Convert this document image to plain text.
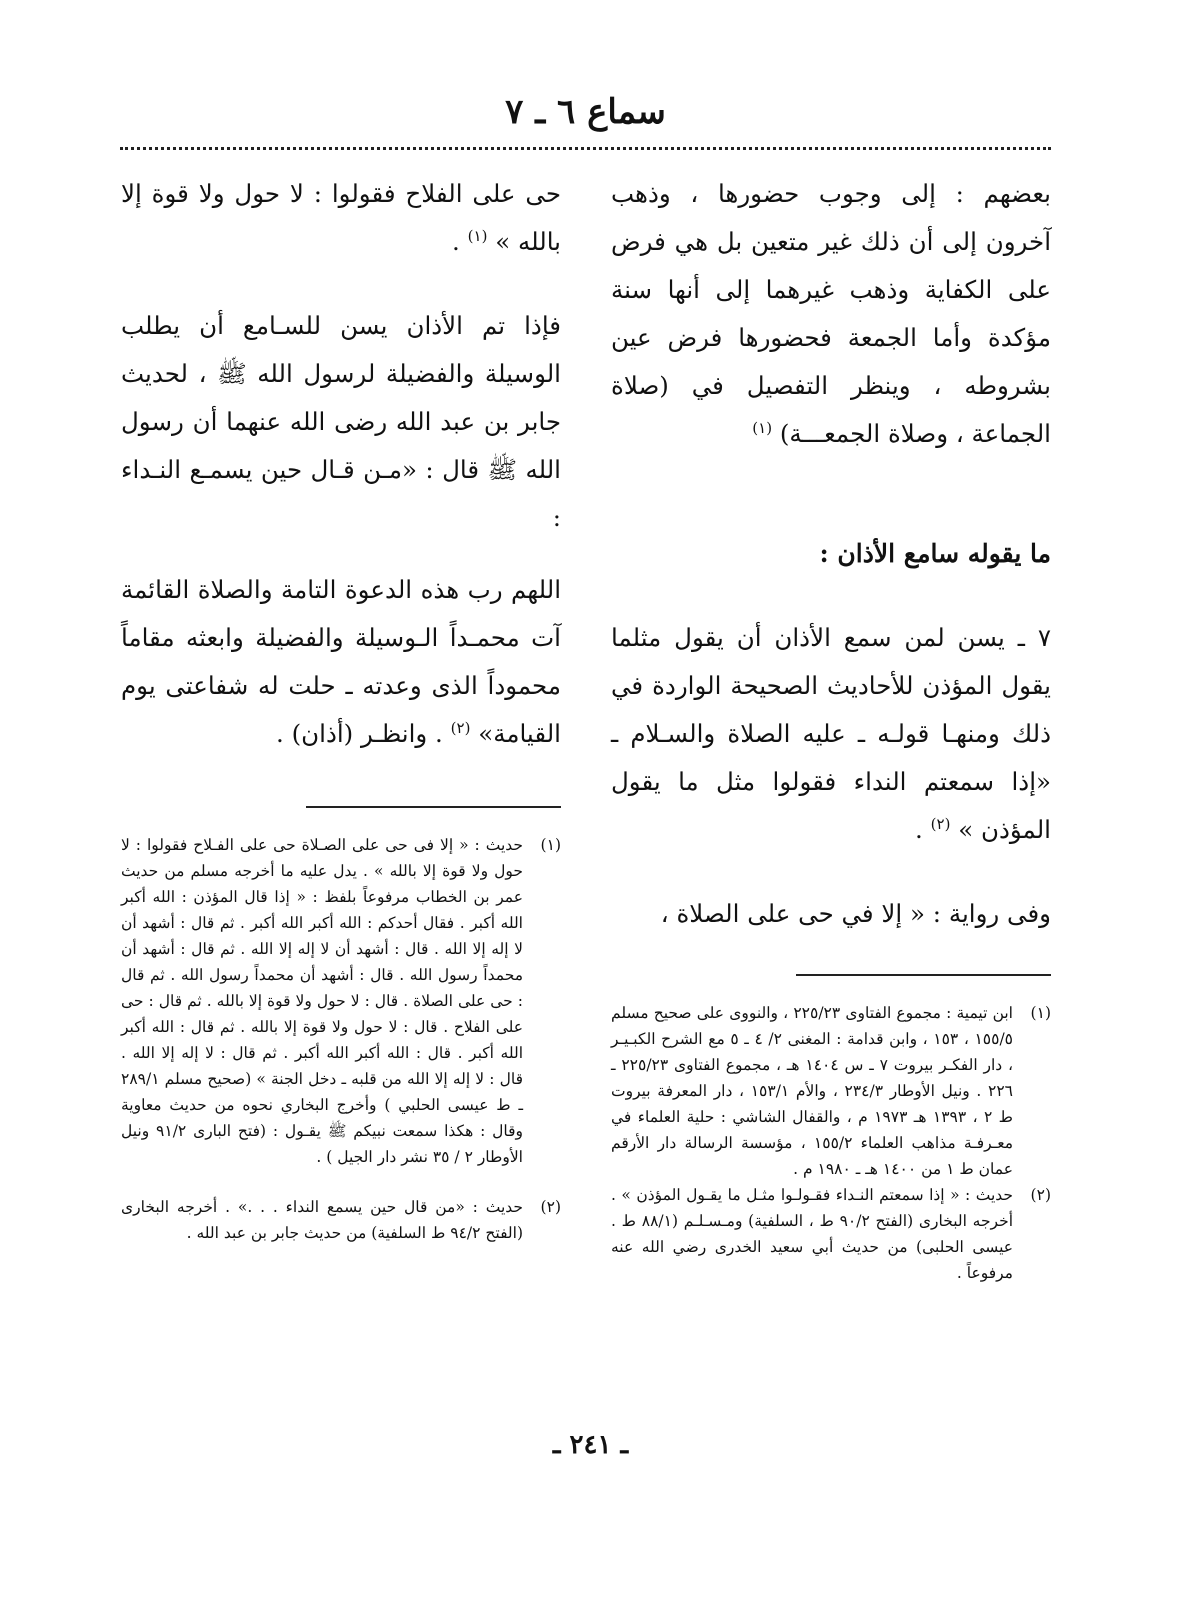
سماع ٦ ـ ٧

بعضهم : إلى وجوب حضورها ، وذهب آخرون إلى أن ذلك غير متعين بل هي فرض على الكفاية وذهب غيرهما إلى أنها سنة مؤكدة وأما الجمعة فحضورها فرض عين بشروطه ، وينظر التفصيل في (صلاة الجماعة ، وصلاة الجمعـــة) $^{(١)}$

ما يقوله سامع الأذان :

٧ ـ يسن لمن سمع الأذان أن يقول مثلما يقول المؤذن للأحاديث الصحيحة الواردة في ذلك ومنهـا قولـه ـ عليه الصلاة والسـلام ـ «إذا سمعتم النداء فقولوا مثل ما يقول المؤذن » $^{(٢)}$ .

وفى رواية : « إلا في حى على الصلاة ،

(١)
ابن تيمية : مجموع الفتاوى ٢٢٥/٢٣ ، والنووى على صحيح مسلم ١٥٥/٥ ، ١٥٣ ، وابن قدامة : المغنى ٢/ ٤ ـ ٥ مع الشرح الكبـيـر ، دار الفكـر بيروت ٧ ـ س ١٤٠٤ هـ ، مجموع الفتاوى ٢٢٥/٢٣ ـ ٢٢٦ . ونيل الأوطار ٢٣٤/٣ ، والأم ١٥٣/١ ، دار المعرفة بيروت ط ٢ ، ١٣٩٣ هـ ١٩٧٣ م ، والقفال الشاشي : حلية العلماء في معـرفـة مذاهب العلماء ١٥٥/٢ ، مؤسسة الرسالة دار الأرقم عمان ط ١ من ١٤٠٠ هـ ـ ١٩٨٠ م .
(٢)
حديث : « إذا سمعتم النـداء فقـولـوا مثـل ما يقـول المؤذن » . أخرجه البخارى (الفتح ٩٠/٢ ط ، السلفية) ومـسـلـم (٨٨/١ ط . عيسى الحلبى) من حديث أبي سعيد الخدرى رضي الله عنه مرفوعاً .

حى على الفلاح فقولوا : لا حول ولا قوة إلا بالله » $^{(١)}$ .

فإذا تم الأذان يسن للسـامع أن يطلب الوسيلة والفضيلة لرسول الله ﷺ ، لحديث جابر بن عبد الله رضى الله عنهما أن رسول الله ﷺ قال : «مـن قـال حين يسمـع النـداء :

اللهم رب هذه الدعوة التامة والصلاة القائمة آت محمـداً الـوسيلة والفضيلة وابعثه مقاماً محموداً الذى وعدته ـ حلت له شفاعتى يوم القيامة» $^{(٢)}$ . وانظـر (أذان) .

(١)
حديث : « إلا فى حى على الصـلاة حى على الفـلاح فقولوا : لا حول ولا قوة إلا بالله » . يدل عليه ما أخرجه مسلم من حديث عمر بن الخطاب مرفوعاً بلفظ : « إذا قال المؤذن : الله أكبر الله أكبر . فقال أحدكم : الله أكبر الله أكبر . ثم قال : أشهد أن لا إله إلا الله . قال : أشهد أن لا إله إلا الله . ثم قال : أشهد أن محمداً رسول الله . قال : أشهد أن محمداً رسول الله . ثم قال : حى على الصلاة . قال : لا حول ولا قوة إلا بالله . ثم قال : حى على الفلاح . قال : لا حول ولا قوة إلا بالله . ثم قال : الله أكبر الله أكبر . قال : الله أكبر الله أكبر . ثم قال : لا إله إلا الله . قال : لا إله إلا الله من قلبه ـ دخل الجنة » (صحيح مسلم ٢٨٩/١ ـ ط عيسى الحلبي ) وأخرج البخاري نحوه من حديث معاوية وقال : هكذا سمعت نبيكم ﷺ يقـول : (فتح البارى ٩١/٢ ونيل الأوطار ٢ / ٣٥ نشر دار الجيل ) .
(٢)
حديث : «من قال حين يسمع النداء . . .» . أخرجه البخارى (الفتح ٩٤/٢ ط السلفية) من حديث جابر بن عبد الله .
ـ ٢٤١ ـ
